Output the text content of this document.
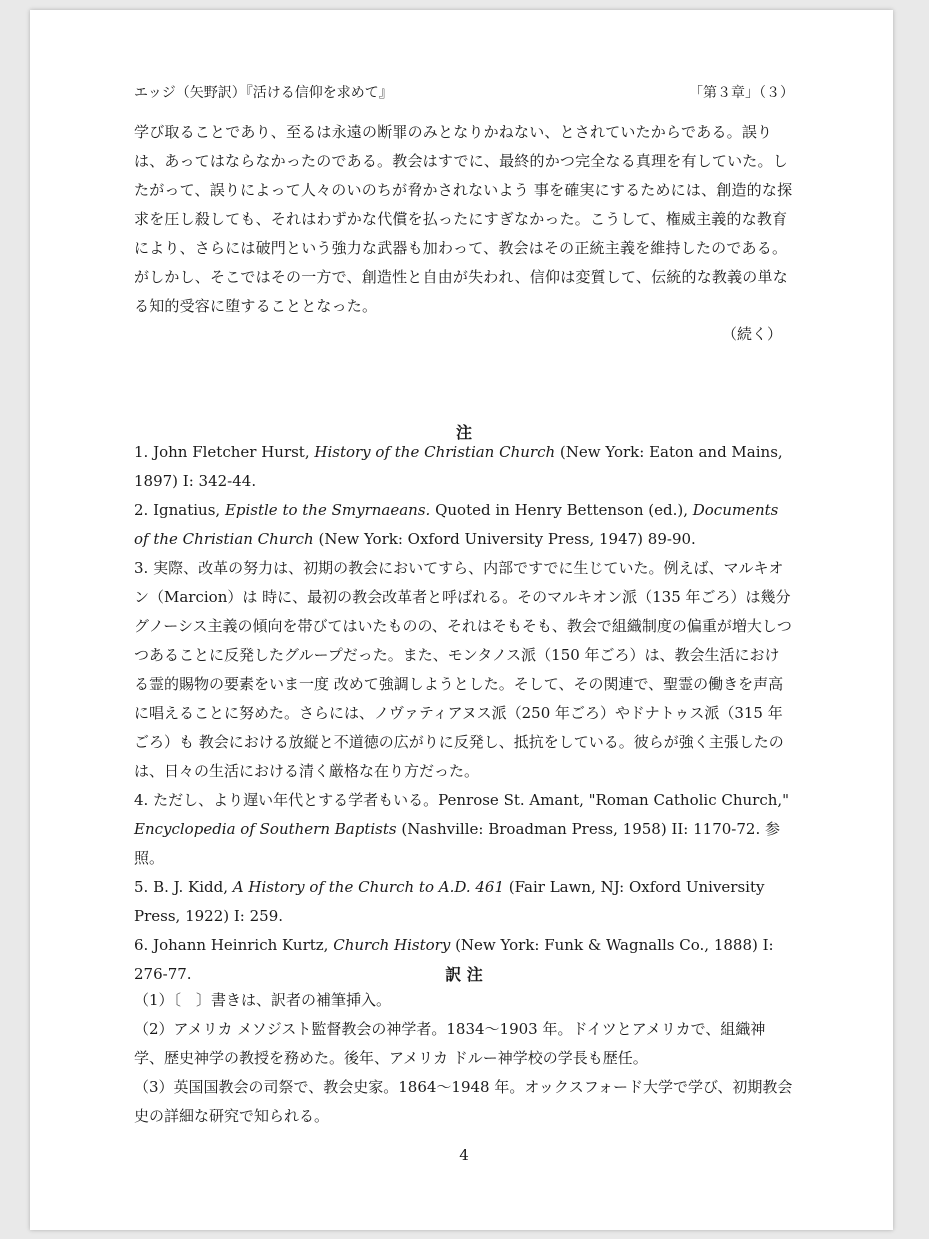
エッジ（矢野訳）『活ける信仰を求めて』	「第３章」（３）

学び取ることであり、至るは永遠の断罪のみとなりかねない、とされていたからである。誤りは、あってはならなかったのである。教会はすでに、最終的かつ完全なる真理を有していた。したがって、誤りによって人々のいのちが脅かされないよう 事を確実にするためには、創造的な探求を圧し殺しても、それはわずかな代償を払ったにすぎなかった。こうして、権威主義的な教育により、さらには破門という強力な武器も加わって、教会はその正統主義を維持したのである。がしかし、そこではその一方で、創造性と自由が失われ、信仰は変質して、伝統的な教義の単なる知的受容に堕することとなった。

（続く）
注

1. John Fletcher Hurst, History of the Christian Church (New York: Eaton and Mains, 1897) I: 342-44.

2. Ignatius, Epistle to the Smyrnaeans. Quoted in Henry Bettenson (ed.), Documents of the Christian Church (New York: Oxford University Press, 1947) 89-90.

3. 実際、改革の努力は、初期の教会においてすら、内部ですでに生じていた。例えば、マルキオン（Marcion）は 時に、最初の教会改革者と呼ばれる。そのマルキオン派（135 年ごろ）は幾分 グノーシス主義の傾向を帯びてはいたものの、それはそもそも、教会で組織制度の偏重が増大しつつあることに反発したグループだった。また、モンタノス派（150 年ごろ）は、教会生活における霊的賜物の要素をいま一度 改めて強調しようとした。そして、その関連で、聖霊の働きを声高に唱えることに努めた。さらには、ノヴァティアヌス派（250 年ごろ）やドナトゥス派（315 年ごろ）も 教会における放縦と不道徳の広がりに反発し、抵抗をしている。彼らが強く主張したのは、日々の生活における清く厳格な在り方だった。

4. ただし、より遅い年代とする学者もいる。Penrose St. Amant, "Roman Catholic Church," Encyclopedia of Southern Baptists (Nashville: Broadman Press, 1958) II: 1170-72. 参照。

5. B. J. Kidd, A History of the Church to A.D. 461 (Fair Lawn, NJ: Oxford University Press, 1922) I: 259.

6. Johann Heinrich Kurtz, Church History (New York: Funk & Wagnalls Co., 1888) I: 276-77.	訳 注

（1）〔　〕書きは、訳者の補筆挿入。

（2）アメリカ メソジスト監督教会の神学者。1834～1903 年。ドイツとアメリカで、組織神学、歴史神学の教授を務めた。後年、アメリカ ドルー神学校の学長も歴任。

（3）英国国教会の司祭で、教会史家。1864～1948 年。オックスフォード大学で学び、初期教会史の詳細な研究で知られる。

4
